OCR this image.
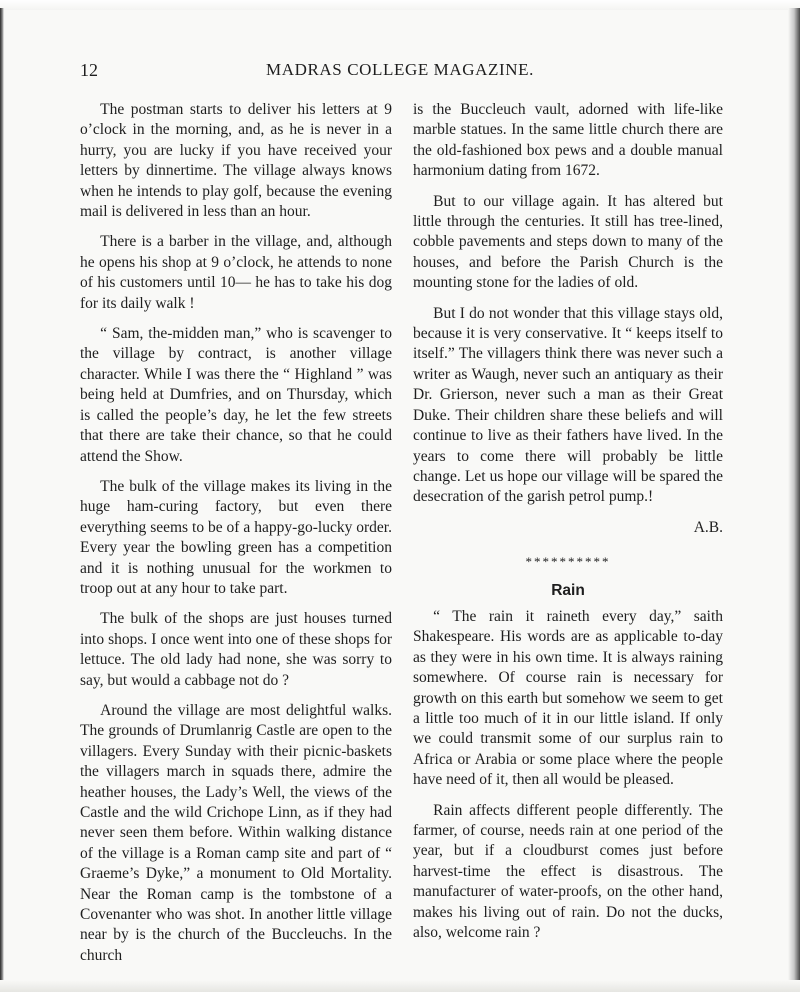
12	MADRAS COLLEGE MAGAZINE.

The postman starts to deliver his letters at 9 o’clock in the morning, and, as he is never in a hurry, you are lucky if you have received your letters by dinnertime. The village always knows when he intends to play golf, because the evening mail is delivered in less than an hour.

There is a barber in the village, and, although he opens his shop at 9 o’clock, he attends to none of his customers until 10— he has to take his dog for its daily walk !

“ Sam, the-midden man,” who is scavenger to the village by contract, is another village character. While I was there the “ Highland ” was being held at Dumfries, and on Thursday, which is called the people’s day, he let the few streets that there are take their chance, so that he could attend the Show.

The bulk of the village makes its living in the huge ham-curing factory, but even there everything seems to be of a happy-go-lucky order. Every year the bowling green has a competition and it is nothing unusual for the workmen to troop out at any hour to take part.

The bulk of the shops are just houses turned into shops. I once went into one of these shops for lettuce. The old lady had none, she was sorry to say, but would a cabbage not do ?

Around the village are most delightful walks. The grounds of Drumlanrig Castle are open to the villagers. Every Sunday with their picnic-baskets the villagers march in squads there, admire the heather houses, the Lady’s Well, the views of the Castle and the wild Crichope Linn, as if they had never seen them before. Within walking distance of the village is a Roman camp site and part of “ Graeme’s Dyke,” a monument to Old Mortality. Near the Roman camp is the tombstone of a Covenanter who was shot. In another little village near by is the church of the Buccleuchs. In the church

is the Buccleuch vault, adorned with life-like marble statues. In the same little church there are the old-fashioned box pews and a double manual harmonium dating from 1672.

But to our village again. It has altered but little through the centuries. It still has tree-lined, cobble pavements and steps down to many of the houses, and before the Parish Church is the mounting stone for the ladies of old.

But I do not wonder that this village stays old, because it is very conservative. It “ keeps itself to itself.” The villagers think there was never such a writer as Waugh, never such an antiquary as their Dr. Grierson, never such a man as their Great Duke. Their children share these beliefs and will continue to live as their fathers have lived. In the years to come there will probably be little change. Let us hope our village will be spared the desecration of the garish petrol pump.!

A.B.
**********
Rain

“ The rain it raineth every day,” saith Shakespeare. His words are as applicable to-day as they were in his own time. It is always raining somewhere. Of course rain is necessary for growth on this earth but somehow we seem to get a little too much of it in our little island. If only we could transmit some of our surplus rain to Africa or Arabia or some place where the people have need of it, then all would be pleased.

Rain affects different people differently. The farmer, of course, needs rain at one period of the year, but if a cloudburst comes just before harvest-time the effect is disastrous. The manufacturer of water-proofs, on the other hand, makes his living out of rain. Do not the ducks, also, welcome rain ?
